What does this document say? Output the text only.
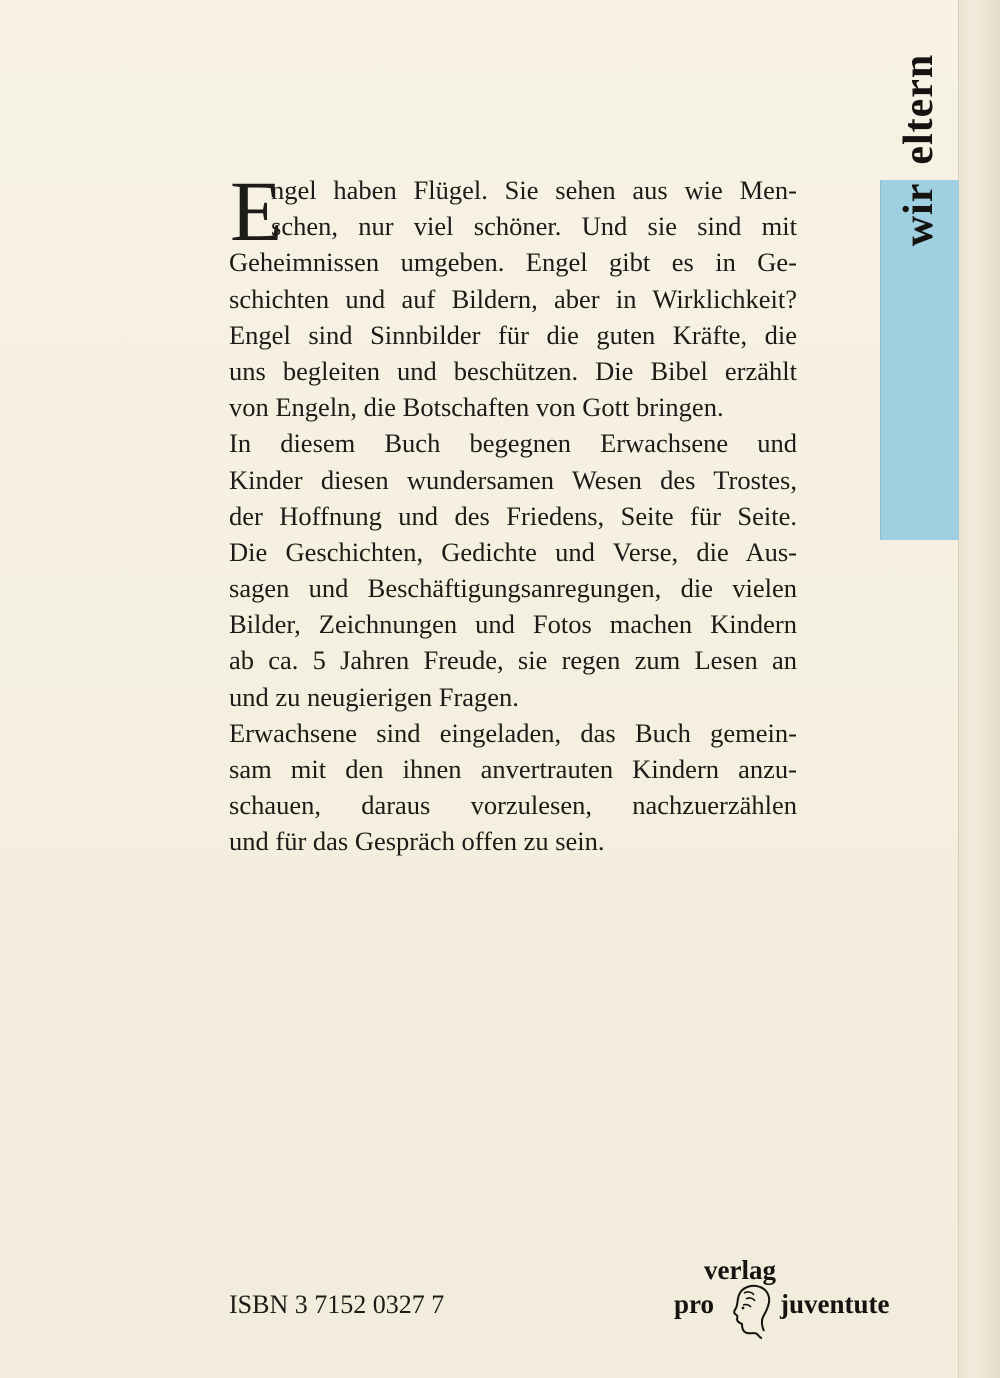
wireltern
E
ngel haben Flügel. Sie sehen aus wie Men-
schen, nur viel schöner. Und sie sind mit
Geheimnissen umgeben. Engel gibt es in Ge-
schichten und auf Bildern, aber in Wirklichkeit?
Engel sind Sinnbilder für die guten Kräfte, die
uns begleiten und beschützen. Die Bibel erzählt
von Engeln, die Botschaften von Gott bringen.
In diesem Buch begegnen Erwachsene und
Kinder diesen wundersamen Wesen des Trostes,
der Hoffnung und des Friedens, Seite für Seite.
Die Geschichten, Gedichte und Verse, die Aus-
sagen und Beschäftigungsanregungen, die vielen
Bilder, Zeichnungen und Fotos machen Kindern
ab ca. 5 Jahren Freude, sie regen zum Lesen an
und zu neugierigen Fragen.
Erwachsene sind eingeladen, das Buch gemein-
sam mit den ihnen anvertrauten Kindern anzu-
schauen, daraus vorzulesen, nachzuerzählen
und für das Gespräch offen zu sein.
ISBN 3 7152 0327 7
verlag
pro juventute
